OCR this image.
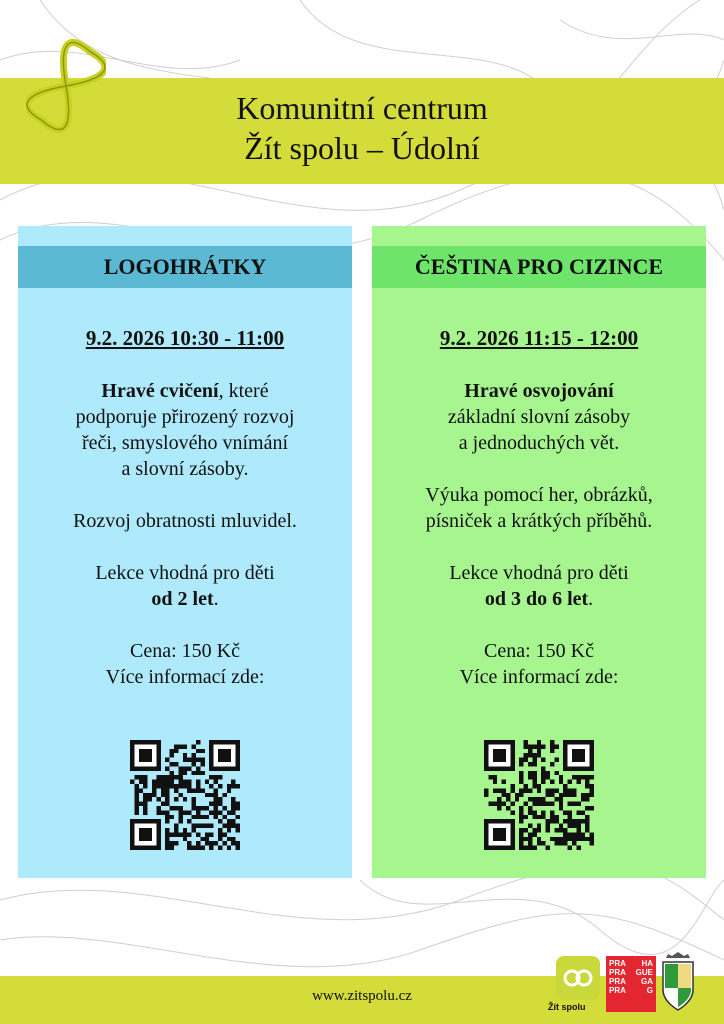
Komunitní centrum
Žít spolu – Údolní
LOGOHRÁTKY
9.2. 2026 10:30 - 11:00

Hravé cvičení, které
podporuje přirozený rozvoj
řeči, smyslového vnímání
a slovní zásoby.

Rozvoj obratnosti mluvidel.

Lekce vhodná pro děti
od 2 let.

Cena: 150 Kč
Více informací zde:

ČEŠTINA PRO CIZINCE
9.2. 2026 11:15 - 12:00

Hravé osvojování
základní slovní zásoby
a jednoduchých vět.

Výuka pomocí her, obrázků,
písniček a krátkých příběhů.

Lekce vhodná pro děti
od 3 do 6 let.

Cena: 150 Kč
Více informací zde:

www.zitspolu.cz
Žít spolu
PRA HA
PRA GUE
PRA GA
PRA	G
